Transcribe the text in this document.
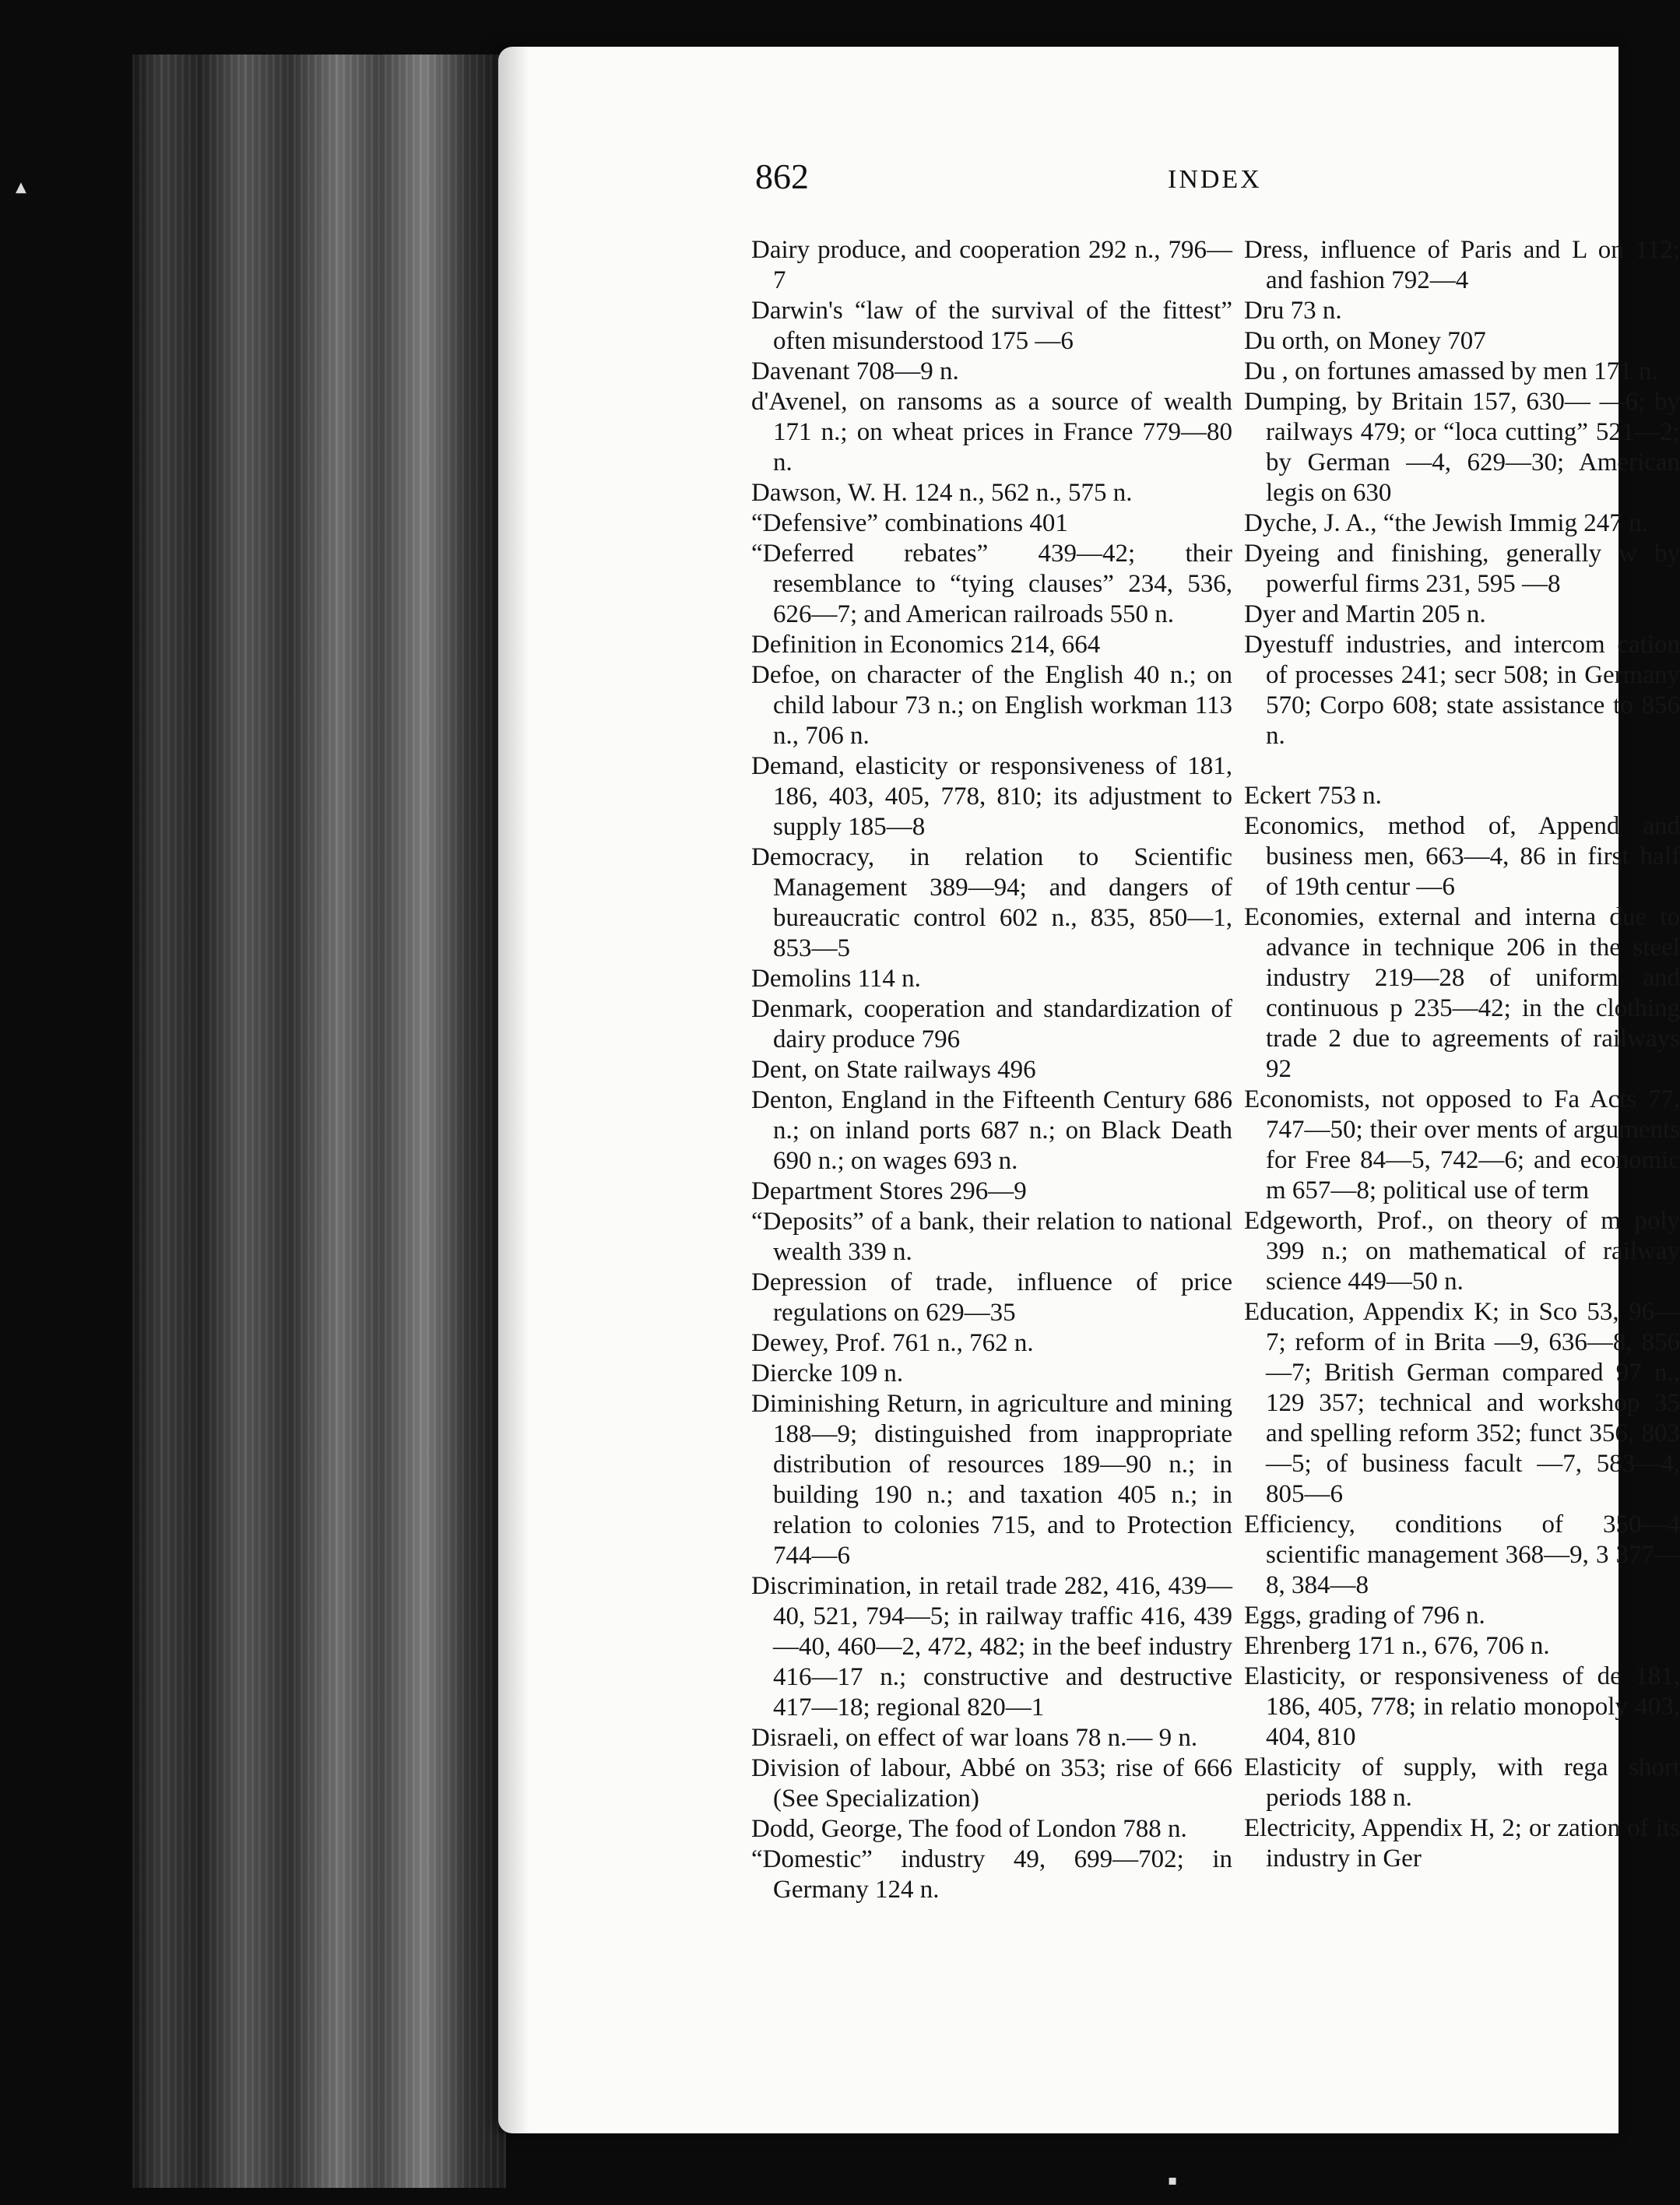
▲
▪
862	INDEX
Dairy produce, and cooperation 292 n., 796—7
Darwin's “law of the survival of the fittest” often misunderstood 175 —6
Davenant 708—9 n.
d'Avenel, on ransoms as a source of wealth 171 n.; on wheat prices in France 779—80 n.
Dawson, W. H. 124 n., 562 n., 575 n.
“Defensive” combinations 401
“Deferred rebates” 439—42; their resemblance to “tying clauses” 234, 536, 626—7; and American railroads 550 n.
Definition in Economics 214, 664
Defoe, on character of the English 40 n.; on child labour 73 n.; on English workman 113 n., 706 n.
Demand, elasticity or responsiveness of 181, 186, 403, 405, 778, 810; its adjustment to supply 185—8
Democracy, in relation to Scientific Management 389—94; and dangers of bureaucratic control 602 n., 835, 850—1, 853—5
Demolins 114 n.
Denmark, cooperation and standardization of dairy produce 796
Dent, on State railways 496
Denton, England in the Fifteenth Century 686 n.; on inland ports 687 n.; on Black Death 690 n.; on wages 693 n.
Department Stores 296—9
“Deposits” of a bank, their relation to national wealth 339 n.
Depression of trade, influence of price regulations on 629—35
Dewey, Prof. 761 n., 762 n.
Diercke 109 n.
Diminishing Return, in agriculture and mining 188—9; distinguished from inappropriate distribution of resources 189—90 n.; in building 190 n.; and taxation 405 n.; in relation to colonies 715, and to Protection 744—6
Discrimination, in retail trade 282, 416, 439—40, 521, 794—5; in railway traffic 416, 439—40, 460—2, 472, 482; in the beef industry 416—17 n.; constructive and destructive 417—18; regional 820—1
Disraeli, on effect of war loans 78 n.— 9 n.
Division of labour, Abbé on 353; rise of 666 (See Specialization)
Dodd, George, The food of London 788 n.
“Domestic” industry 49, 699—702; in Germany 124 n.
Dress, influence of Paris and L on 112; and fashion 792—4
Dru 73 n.
Du orth, on Money 707
Du , on fortunes amassed by men 171 n.
Dumping, by Britain 157, 630— —6; by railways 479; or “loca cutting” 521—2; by German —4, 629—30; American legis on 630
Dyche, J. A., “the Jewish Immig 247 n.
Dyeing and finishing, generally w by powerful firms 231, 595 —8
Dyer and Martin 205 n.
Dyestuff industries, and intercom cation of processes 241; secr 508; in Germany 570; Corpo 608; state assistance to 856 n.
Eckert 753 n.
Economics, method of, Append and business men, 663—4, 86 in first half of 19th centur —6
Economies, external and interna due to advance in technique 206 in the steel industry 219—28 of uniform and continuous p 235—42; in the clothing trade 2 due to agreements of railways 92
Economists, not opposed to Fa Acts 77, 747—50; their over ments of arguments for Free 84—5, 742—6; and economic m 657—8; political use of term
Edgeworth, Prof., on theory of m poly 399 n.; on mathematical of railway science 449—50 n.
Education, Appendix K; in Sco 53, 96—7; reform of in Brita —9, 636—8, 856—7; British German compared 97 n., 129 357; technical and workshop 35 and spelling reform 352; funct 356, 803—5; of business facult —7, 583—4, 805—6
Efficiency, conditions of 350—4 scientific management 368—9, 3 377—8, 384—8
Eggs, grading of 796 n.
Ehrenberg 171 n., 676, 706 n.
Elasticity, or responsiveness of de 181, 186, 405, 778; in relatio monopoly 403, 404, 810
Elasticity of supply, with rega short periods 188 n.
Electricity, Appendix H, 2; or zation of its industry in Ger
